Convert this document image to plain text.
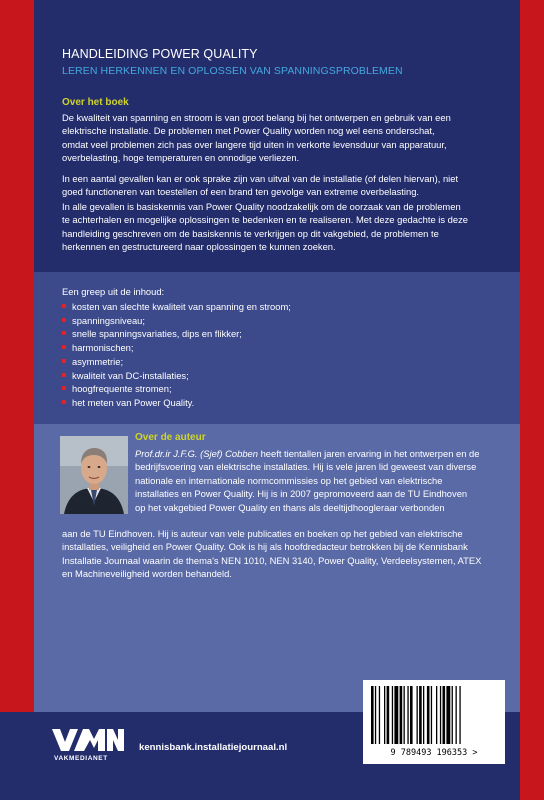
HANDLEIDING POWER QUALITY
LEREN HERKENNEN EN OPLOSSEN VAN SPANNINGSPROBLEMEN
Over het boek
De kwaliteit van spanning en stroom is van groot belang bij het ontwerpen en gebruik van een
elektrische installatie. De problemen met Power Quality worden nog wel eens onderschat,
omdat veel problemen zich pas over langere tijd uiten in verkorte levensduur van apparatuur,
overbelasting, hoge temperaturen en onnodige verliezen.
In een aantal gevallen kan er ook sprake zijn van uitval van de installatie (of delen hiervan), niet
goed functioneren van toestellen of een brand ten gevolge van extreme overbelasting.
In alle gevallen is basiskennis van Power Quality noodzakelijk om de oorzaak van de problemen
te achterhalen en mogelijke oplossingen te bedenken en te realiseren. Met deze gedachte is deze
handleiding geschreven om de basiskennis te verkrijgen op dit vakgebied, de problemen te
herkennen en gestructureerd naar oplossingen te kunnen zoeken.
Een greep uit de inhoud:
kosten van slechte kwaliteit van spanning en stroom;
spanningsniveau;
snelle spanningsvariaties, dips en flikker;
harmonischen;
asymmetrie;
kwaliteit van DC-installaties;
hoogfrequente stromen;
het meten van Power Quality.
Over de auteur
Prof.dr.ir J.F.G. (Sjef) Cobben heeft tientallen jaren ervaring in het ontwerpen en de
bedrijfsvoering van elektrische installaties. Hij is vele jaren lid geweest van diverse
nationale en internationale normcommissies op het gebied van elektrische
installaties en Power Quality. Hij is in 2007 gepromoveerd aan de TU Eindhoven
op het vakgebied Power Quality en thans als deeltijdhoogleraar verbonden
aan de TU Eindhoven. Hij is auteur van vele publicaties en boeken op het gebied van elektrische
installaties, veiligheid en Power Quality. Ook is hij als hoofdredacteur betrokken bij de Kennisbank
Installatie Journaal waarin de thema's NEN 1010, NEN 3140, Power Quality, Verdeelsystemen, ATEX
en Machineveiligheid worden behandeld.
VAKMEDIANET
kennisbank.installatiejournaal.nl	9 789493 196353 >
